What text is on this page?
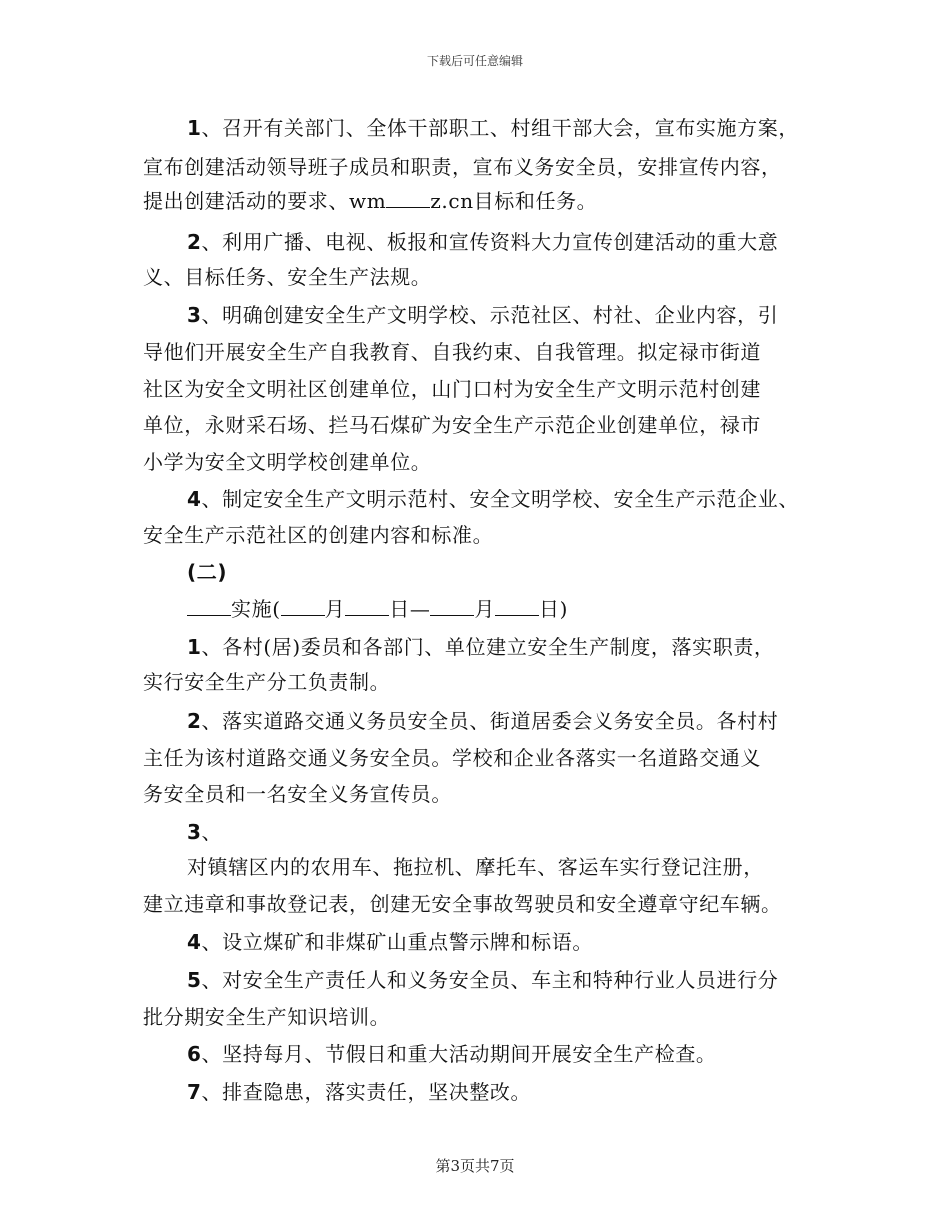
下载后可任意编辑
1、召开有关部门、全体干部职工、村组干部大会，宣布实施方案，
宣布创建活动领导班子成员和职责，宣布义务安全员，安排宣传内容，
提出创建活动的要求、wm z.cn目标和任务。
2、利用广播、电视、板报和宣传资料大力宣传创建活动的重大意
义、目标任务、安全生产法规。
3、明确创建安全生产文明学校、示范社区、村社、企业内容，引
导他们开展安全生产自我教育、自我约束、自我管理。拟定禄市街道
社区为安全文明社区创建单位，山门口村为安全生产文明示范村创建
单位，永财采石场、拦马石煤矿为安全生产示范企业创建单位，禄市
小学为安全文明学校创建单位。
4、制定安全生产文明示范村、安全文明学校、安全生产示范企业、
安全生产示范社区的创建内容和标准。
(二)
实施( 月 日— 月 日)
1、各村(居)委员和各部门、单位建立安全生产制度，落实职责，
实行安全生产分工负责制。
2、落实道路交通义务员安全员、街道居委会义务安全员。各村村
主任为该村道路交通义务安全员。学校和企业各落实一名道路交通义
务安全员和一名安全义务宣传员。
3、
对镇辖区内的农用车、拖拉机、摩托车、客运车实行登记注册，
建立违章和事故登记表，创建无安全事故驾驶员和安全遵章守纪车辆。
4、设立煤矿和非煤矿山重点警示牌和标语。
5、对安全生产责任人和义务安全员、车主和特种行业人员进行分
批分期安全生产知识培训。
6、坚持每月、节假日和重大活动期间开展安全生产检查。
7、排查隐患，落实责任，坚决整改。
第3页共7页
